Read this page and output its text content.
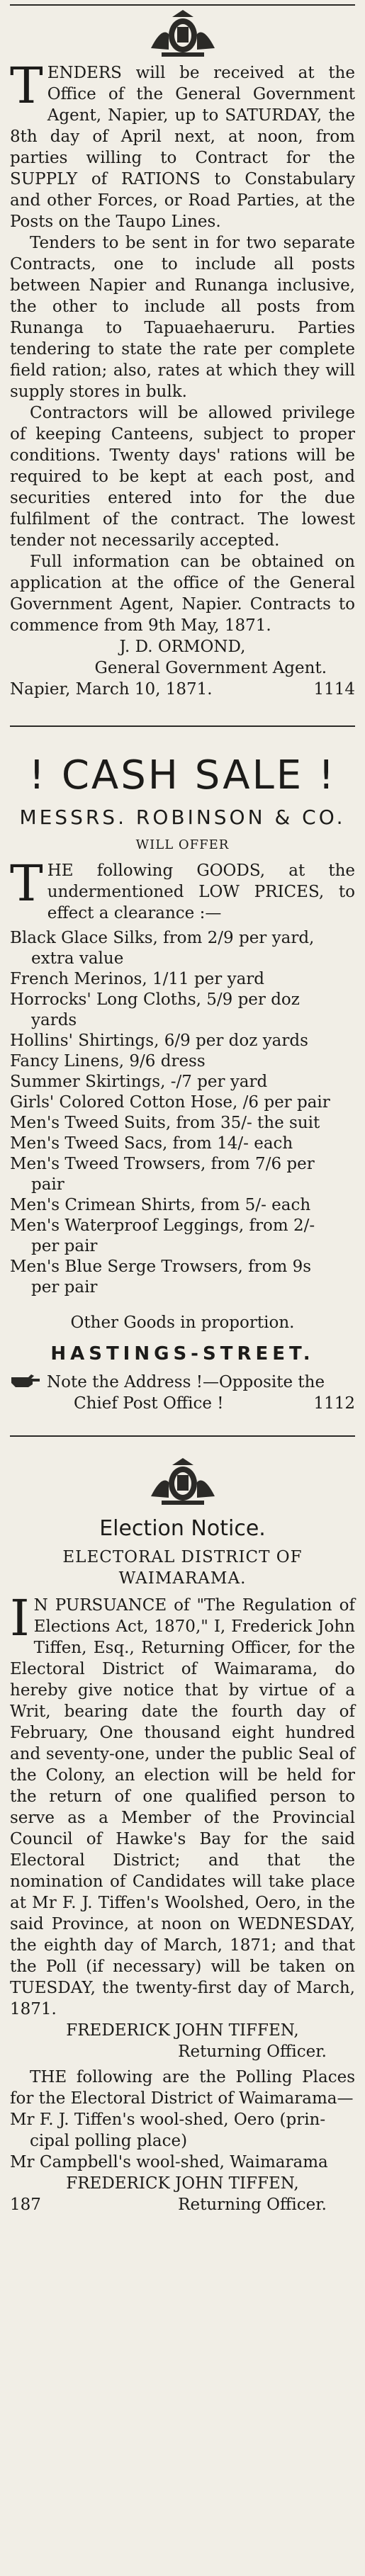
T ENDERS will be received at the Office of the General Government Agent, Napier, up to SATURDAY, the 8th day of April next, at noon, from parties willing to Contract for the SUPPLY of RATIONS to Constabulary and other Forces, or Road Parties, at the Posts on the Taupo Lines.

Tenders to be sent in for two separate Contracts, one to include all posts between Napier and Runanga inclusive, the other to include all posts from Runanga to Tapuaehaeruru. Parties tendering to state the rate per complete field ration; also, rates at which they will supply stores in bulk.

Contractors will be allowed privilege of keeping Canteens, subject to proper conditions. Twenty days' rations will be required to be kept at each post, and securities entered into for the due fulfilment of the contract. The lowest tender not necessarily accepted.

Full information can be obtained on application at the office of the General Government Agent, Napier. Contracts to commence from 9th May, 1871.

J. D. ORMOND,

General Government Agent.

Napier, March 10, 1871.	1114

! CASH SALE !

MESSRS. ROBINSON & CO.

WILL OFFER

T HE following GOODS, at the undermentioned LOW PRICES, to effect a clearance :—
Black Glace Silks, from 2/9 per yard,
extra value
French Merinos, 1/11 per yard
Horrocks' Long Cloths, 5/9 per doz
yards
Hollins' Shirtings, 6/9 per doz yards
Fancy Linens, 9/6 dress
Summer Skirtings, -/7 per yard
Girls' Colored Cotton Hose, /6 per pair
Men's Tweed Suits, from 35/- the suit
Men's Tweed Sacs, from 14/- each
Men's Tweed Trowsers, from 7/6 per
pair
Men's Crimean Shirts, from 5/- each
Men's Waterproof Leggings, from 2/-
per pair
Men's Blue Serge Trowsers, from 9s
per pair

Other Goods in proportion.

HASTINGS-STREET.

Note the Address !—Opposite the
Chief Post Office !	1112

Election Notice.

ELECTORAL DISTRICT OF WAIMARAMA.

I N PURSUANCE of "The Regulation of Elections Act, 1870," I, Frederick John Tiffen, Esq., Returning Officer, for the Electoral District of Waimarama, do hereby give notice that by virtue of a Writ, bearing date the fourth day of February, One thousand eight hundred and seventy-one, under the public Seal of the Colony, an election will be held for the return of one qualified person to serve as a Member of the Provincial Council of Hawke's Bay for the said Electoral District; and that the nomination of Candidates will take place at Mr F. J. Tiffen's Woolshed, Oero, in the said Province, at noon on WEDNESDAY, the eighth day of March, 1871; and that the Poll (if necessary) will be taken on TUESDAY, the twenty-first day of March, 1871.

FREDERICK JOHN TIFFEN,

Returning Officer.

THE following are the Polling Places for the Electoral District of Waimarama—

Mr F. J. Tiffen's wool-shed, Oero (prin-

cipal polling place)

Mr Campbell's wool-shed, Waimarama

FREDERICK JOHN TIFFEN,

187	Returning Officer.
